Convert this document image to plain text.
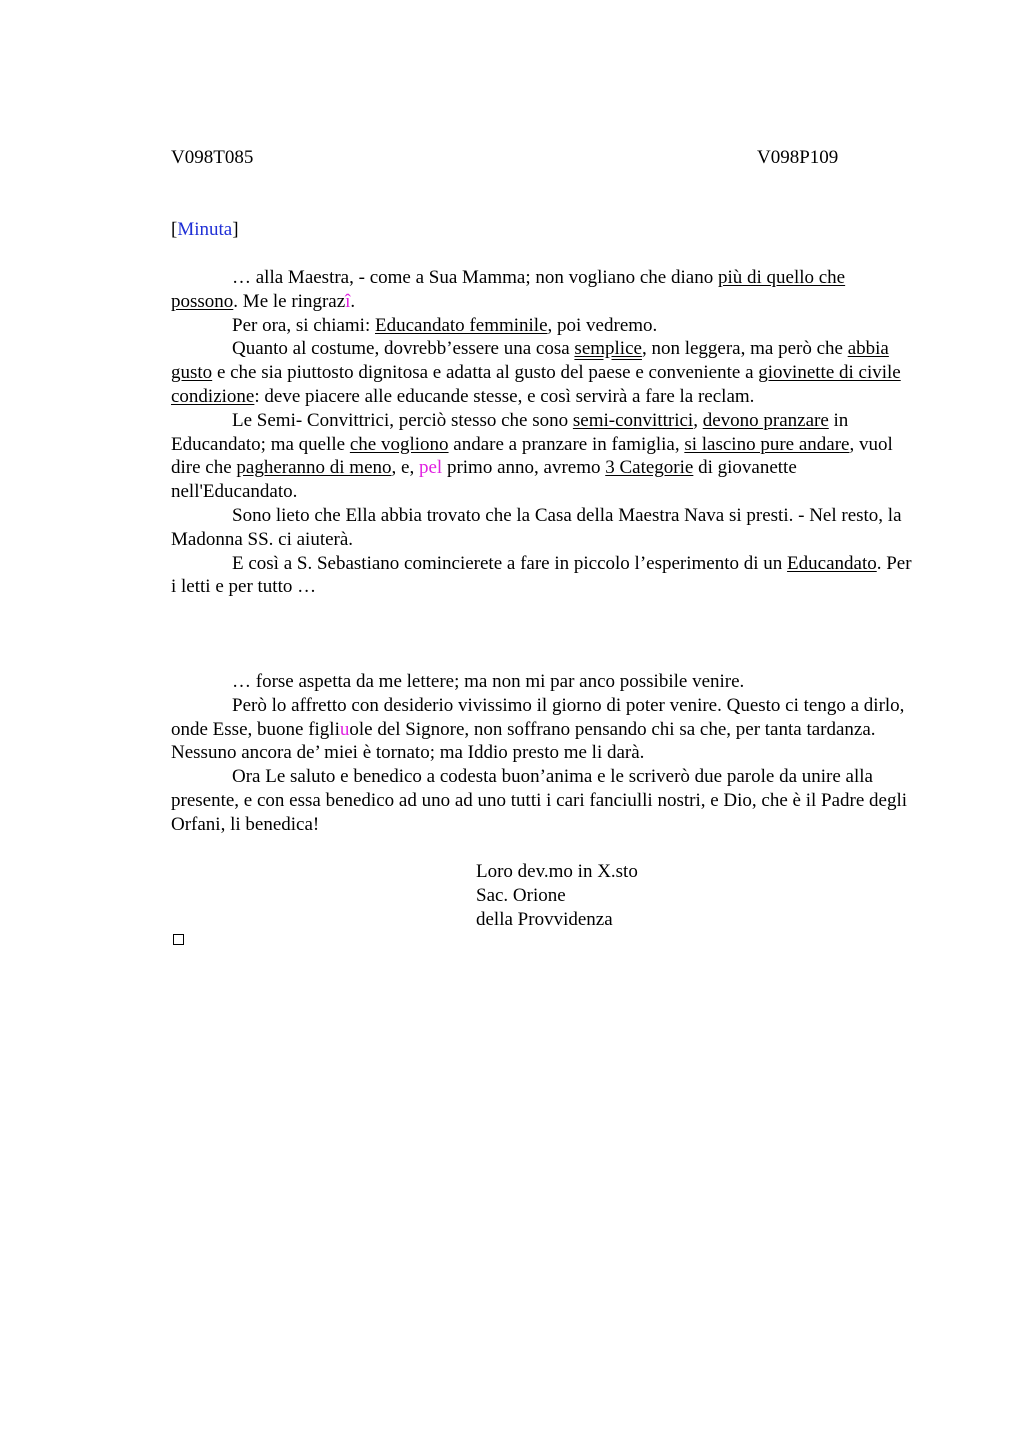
V098T085	V098P109
[Minuta]

… alla Maestra, - come a Sua Mamma; non vogliano che diano più di quello che possono. Me le ringrazî.

Per ora, si chiami: Educandato femminile, poi vedremo.

Quanto al costume, dovrebb’essere una cosa semplice, non leggera, ma però che abbia gusto e che sia piuttosto dignitosa e adatta al gusto del paese e conveniente a giovinette di civile condizione: deve piacere alle educande stesse, e così servirà a fare la reclam.

Le Semi- Convittrici, perciò stesso che sono semi-convittrici, devono pranzare in Educandato; ma quelle che vogliono andare a pranzare in famiglia, si lascino pure andare, vuol dire che pagheranno di meno, e, pel primo anno, avremo 3 Categorie di giovanette nell'Educandato.

Sono lieto che Ella abbia trovato che la Casa della Maestra Nava si presti. - Nel resto, la Madonna SS. ci aiuterà.

E così a S. Sebastiano comincierete a fare in piccolo l’esperimento di un Educandato. Per i letti e per tutto …

… forse aspetta da me lettere; ma non mi par anco possibile venire.

Però lo affretto con desiderio vivissimo il giorno di poter venire. Questo ci tengo a dirlo, onde Esse, buone figliuole del Signore, non soffrano pensando chi sa che, per tanta tardanza. Nessuno ancora de’ miei è tornato; ma Iddio presto me li darà.

Ora Le saluto e benedico a codesta buon’anima e le scriverò due parole da unire alla presente, e con essa benedico ad uno ad uno tutti i cari fanciulli nostri, e Dio, che è il Padre degli Orfani, li benedica!

Loro dev.mo in X.sto
Sac. Orione
della Provvidenza
